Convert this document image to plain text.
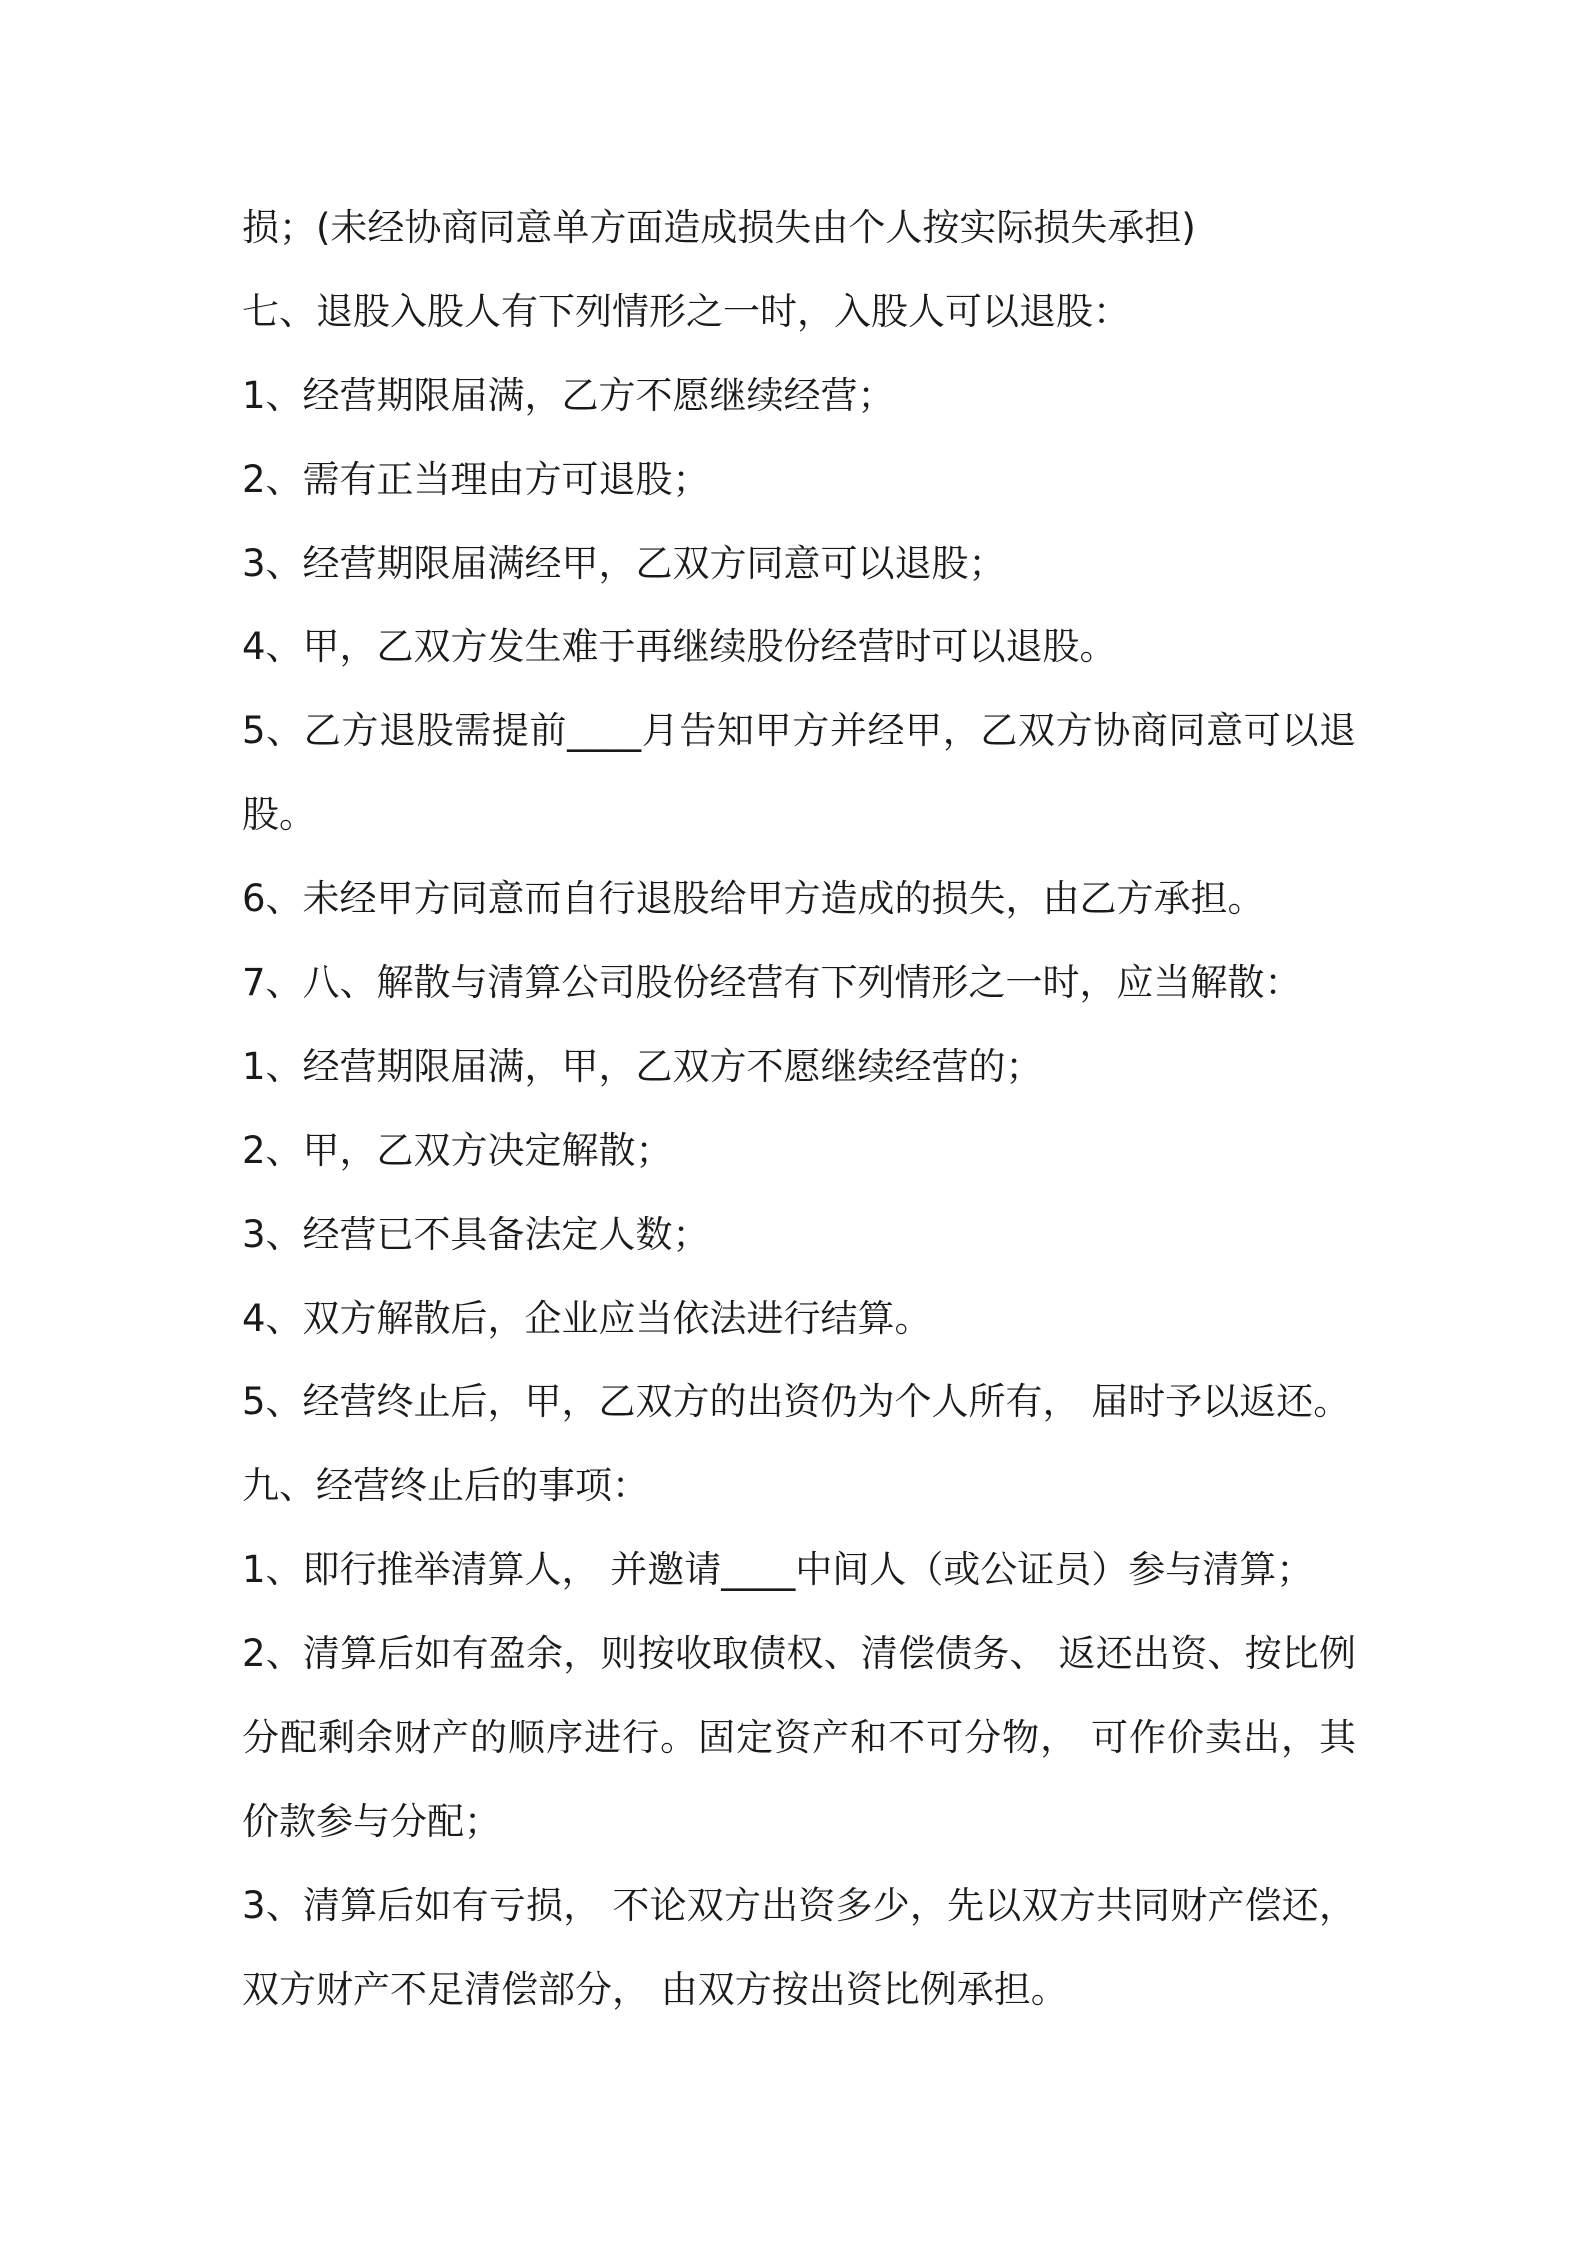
损；(未经协商同意单方面造成损失由个人按实际损失承担)
七、退股入股人有下列情形之一时，入股人可以退股：
1、经营期限届满，乙方不愿继续经营；
2、需有正当理由方可退股；
3、经营期限届满经甲，乙双方同意可以退股；
4、甲，乙双方发生难于再继续股份经营时可以退股。
5、乙方退股需提前____月告知甲方并经甲，乙双方协商同意可以退
股。
6、未经甲方同意而自行退股给甲方造成的损失，由乙方承担。
7、八、解散与清算公司股份经营有下列情形之一时，应当解散：
1、经营期限届满，甲，乙双方不愿继续经营的；
2、甲，乙双方决定解散；
3、经营已不具备法定人数；
4、双方解散后，企业应当依法进行结算。
5、经营终止后，甲，乙双方的出资仍为个人所有， 届时予以返还。
九、经营终止后的事项：
1、即行推举清算人， 并邀请____中间人（或公证员）参与清算；
2、清算后如有盈余，则按收取债权、清偿债务、 返还出资、按比例
分配剩余财产的顺序进行。固定资产和不可分物， 可作价卖出，其
价款参与分配；
3、清算后如有亏损， 不论双方出资多少，先以双方共同财产偿还，
双方财产不足清偿部分， 由双方按出资比例承担。
